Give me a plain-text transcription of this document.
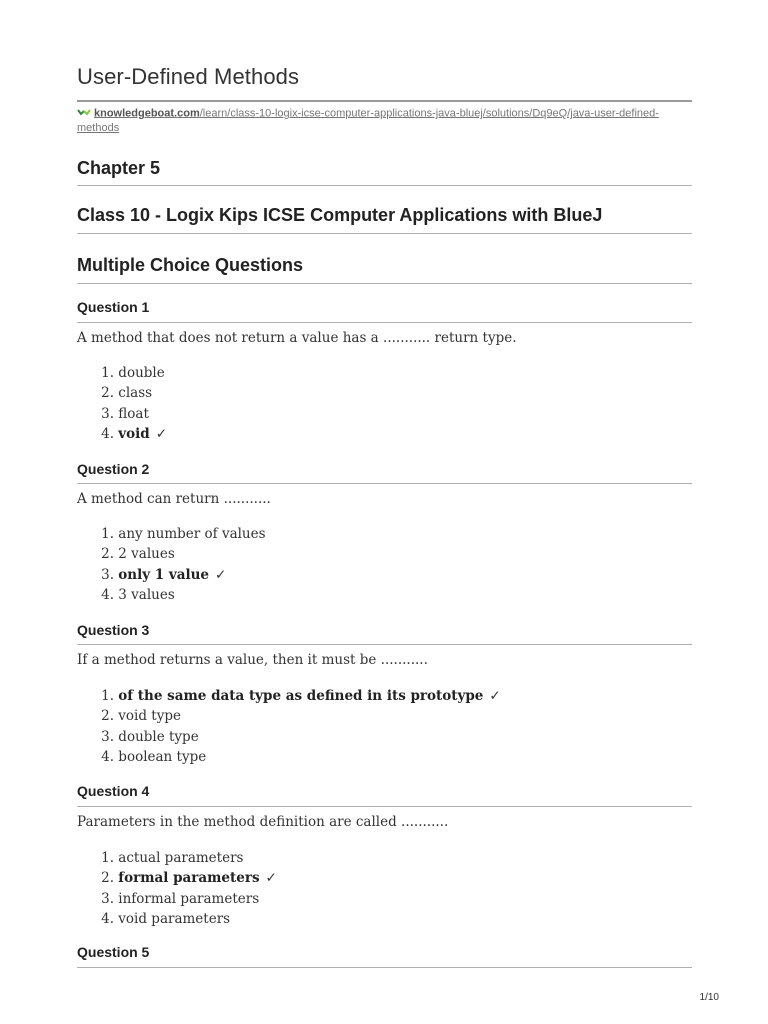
User-Defined Methods
knowledgeboat.com/learn/class-10-logix-icse-computer-applications-java-bluej/solutions/Dq9eQ/java-user-defined-methods
Chapter 5
Class 10 - Logix Kips ICSE Computer Applications with BlueJ
Multiple Choice Questions
Question 1

A method that does not return a value has a ........... return type.

1. double
2. class
3. float
4. void ✓
Question 2

A method can return ...........

1. any number of values
2. 2 values
3. only 1 value ✓
4. 3 values
Question 3

If a method returns a value, then it must be ...........

1. of the same data type as defined in its prototype ✓
2. void type
3. double type
4. boolean type
Question 4

Parameters in the method definition are called ...........

1. actual parameters
2. formal parameters ✓
3. informal parameters
4. void parameters
Question 5
1/10
